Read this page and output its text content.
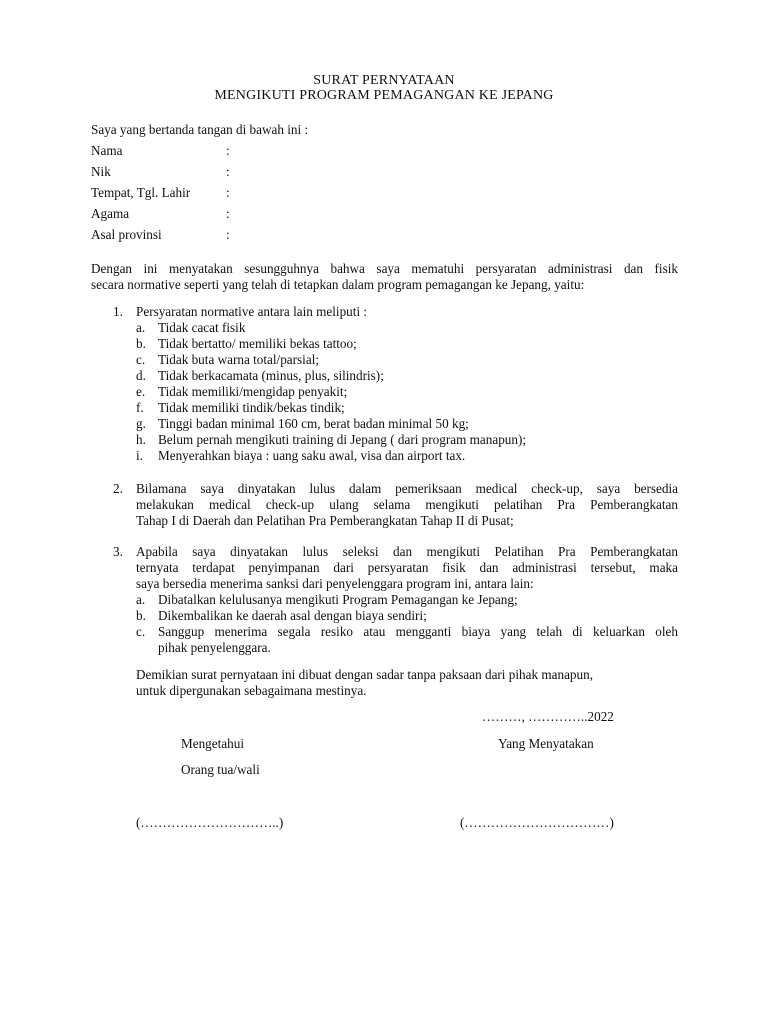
SURAT PERNYATAAN
MENGIKUTI PROGRAM PEMAGANGAN KE JEPANG
Saya yang bertanda tangan di bawah ini :
Nama	:
Nik	:
Tempat, Tgl. Lahir	:
Agama	:
Asal provinsi	:
Dengan ini menyatakan sesungguhnya bahwa saya mematuhi persyaratan administrasi dan fisik
secara normative seperti yang telah di tetapkan dalam program pemagangan ke Jepang, yaitu:
1. Persyaratan normative antara lain meliputi :
a. Tidak cacat fisik
b. Tidak bertatto/ memiliki bekas tattoo;
c. Tidak buta warna total/parsial;
d. Tidak berkacamata (minus, plus, silindris);
e. Tidak memiliki/mengidap penyakit;
f. Tidak memiliki tindik/bekas tindik;
g. Tinggi badan minimal 160 cm, berat badan minimal 50 kg;
h. Belum pernah mengikuti training di Jepang ( dari program manapun);
i. Menyerahkan biaya : uang saku awal, visa dan airport tax.
2. Bilamana saya dinyatakan lulus dalam pemeriksaan medical check-up, saya bersedia
melakukan medical check-up ulang selama mengikuti pelatihan Pra Pemberangkatan
Tahap I di Daerah dan Pelatihan Pra Pemberangkatan Tahap II di Pusat;
3. Apabila saya dinyatakan lulus seleksi dan mengikuti Pelatihan Pra Pemberangkatan
ternyata terdapat penyimpanan dari persyaratan fisik dan administrasi tersebut, maka
saya bersedia menerima sanksi dari penyelenggara program ini, antara lain:
a. Dibatalkan kelulusanya mengikuti Program Pemagangan ke Jepang;
b. Dikembalikan ke daerah asal dengan biaya sendiri;
c. Sanggup menerima segala resiko atau mengganti biaya yang telah di keluarkan oleh
pihak penyelenggara.
Demikian surat pernyataan ini dibuat dengan sadar tanpa paksaan dari pihak manapun,
untuk dipergunakan sebagaimana mestinya.
………, …………..2022
Mengetahui	Yang Menyatakan
Orang tua/wali
(…………………………..)	(……………………………)
